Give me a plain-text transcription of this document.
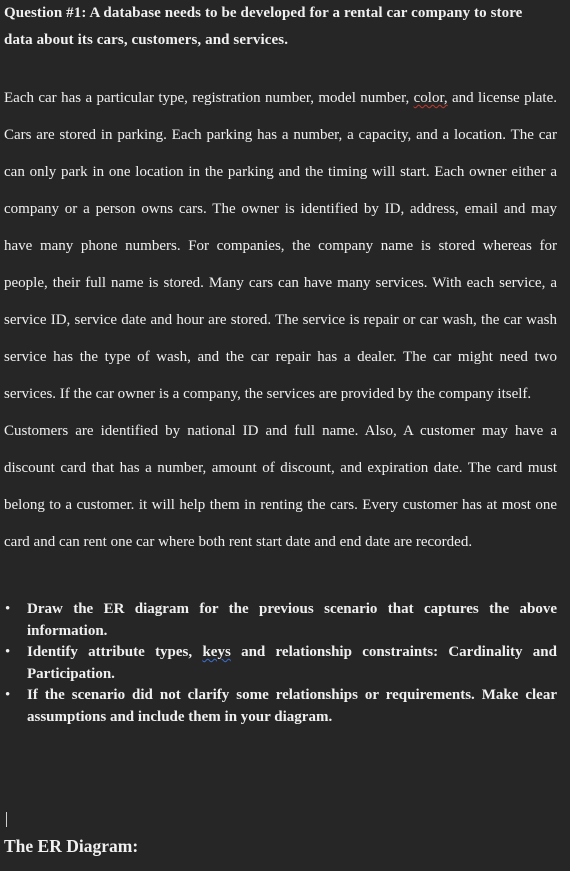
Question #1: A database needs to be developed for a rental car company to store
data about its cars, customers, and services.

Each car has a particular type, registration number, model number, color, and license plate. Cars are stored in parking. Each parking has a number, a capacity, and a location. The car can only park in one location in the parking and the timing will start. Each owner either a company or a person owns cars. The owner is identified by ID, address, email and may have many phone numbers. For companies, the company name is stored whereas for people, their full name is stored. Many cars can have many services. With each service, a service ID, service date and hour are stored. The service is repair or car wash, the car wash service has the type of wash, and the car repair has a dealer. The car might need two services. If the car owner is a company, the services are provided by the company itself.

Customers are identified by national ID and full name. Also, A customer may have a discount card that has a number, amount of discount, and expiration date. The card must belong to a customer. it will help them in renting the cars. Every customer has at most one card and can rent one car where both rent start date and end date are recorded.

• Draw the ER diagram for the previous scenario that captures the above information.
• Identify attribute types, keys and relationship constraints: Cardinality and Participation.
• If the scenario did not clarify some relationships or requirements. Make clear assumptions and include them in your diagram.
The ER Diagram:
